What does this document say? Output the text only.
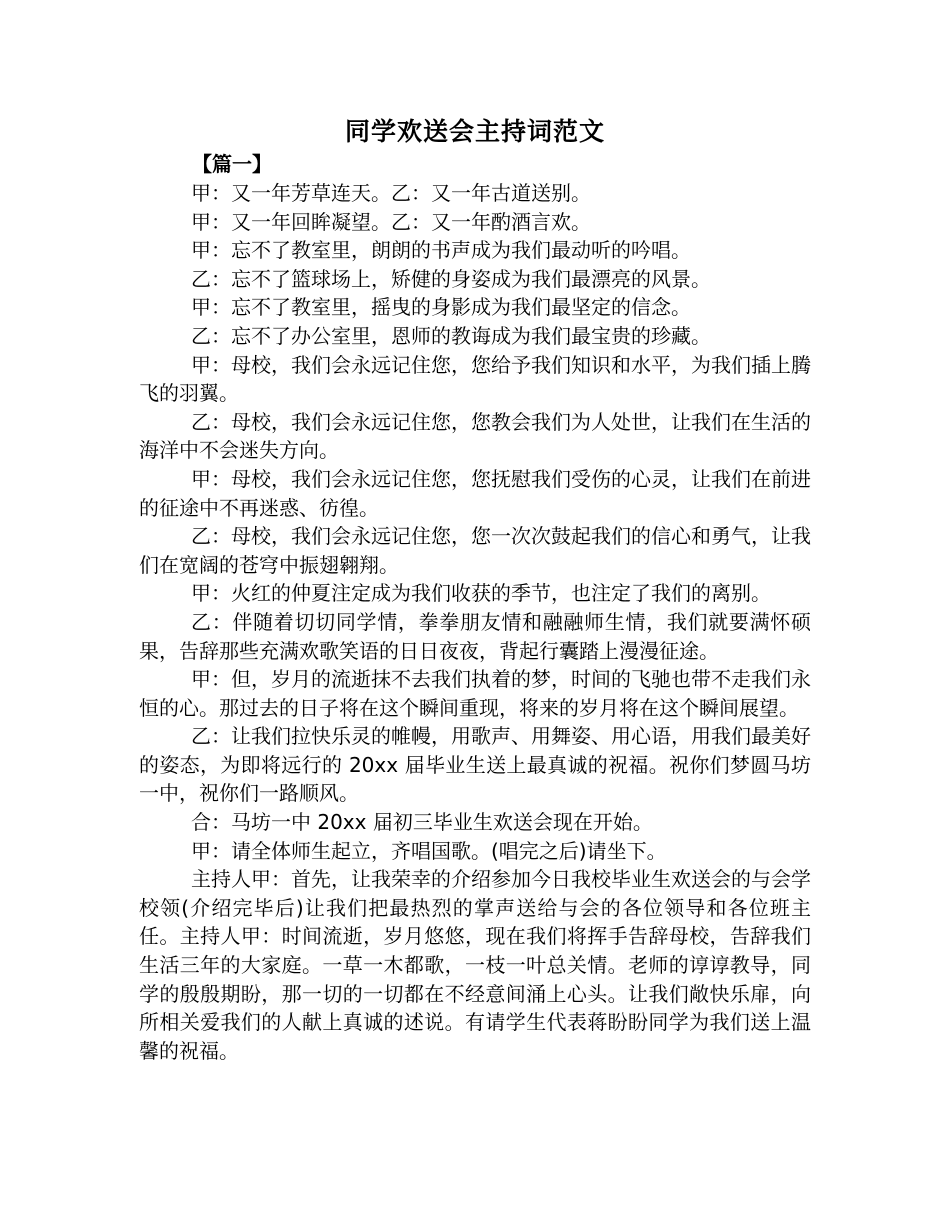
同学欢送会主持词范文
【篇一】

甲：又一年芳草连天。乙：又一年古道送别。

甲：又一年回眸凝望。乙：又一年酌酒言欢。

甲：忘不了教室里，朗朗的书声成为我们最动听的吟唱。

乙：忘不了篮球场上，矫健的身姿成为我们最漂亮的风景。

甲：忘不了教室里，摇曳的身影成为我们最坚定的信念。

乙：忘不了办公室里，恩师的教诲成为我们最宝贵的珍藏。

甲：母校，我们会永远记住您，您给予我们知识和水平，为我们插上腾飞的羽翼。

乙：母校，我们会永远记住您，您教会我们为人处世，让我们在生活的海洋中不会迷失方向。

甲：母校，我们会永远记住您，您抚慰我们受伤的心灵，让我们在前进的征途中不再迷惑、彷徨。

乙：母校，我们会永远记住您，您一次次鼓起我们的信心和勇气，让我们在宽阔的苍穹中振翅翱翔。

甲：火红的仲夏注定成为我们收获的季节，也注定了我们的离别。

乙：伴随着切切同学情，拳拳朋友情和融融师生情，我们就要满怀硕果，告辞那些充满欢歌笑语的日日夜夜，背起行囊踏上漫漫征途。

甲：但，岁月的流逝抹不去我们执着的梦，时间的飞驰也带不走我们永恒的心。那过去的日子将在这个瞬间重现，将来的岁月将在这个瞬间展望。

乙：让我们拉快乐灵的帷幔，用歌声、用舞姿、用心语，用我们最美好的姿态，为即将远行的 20xx 届毕业生送上最真诚的祝福。祝你们梦圆马坊一中，祝你们一路顺风。

合：马坊一中 20xx 届初三毕业生欢送会现在开始。

甲：请全体师生起立，齐唱国歌。(唱完之后)请坐下。

主持人甲：首先，让我荣幸的介绍参加今日我校毕业生欢送会的与会学校领(介绍完毕后)让我们把最热烈的掌声送给与会的各位领导和各位班主任。主持人甲：时间流逝，岁月悠悠，现在我们将挥手告辞母校，告辞我们生活三年的大家庭。一草一木都歌，一枝一叶总关情。老师的谆谆教导，同学的殷殷期盼，那一切的一切都在不经意间涌上心头。让我们敞快乐扉，向所相关爱我们的人献上真诚的述说。有请学生代表蒋盼盼同学为我们送上温馨的祝福。
